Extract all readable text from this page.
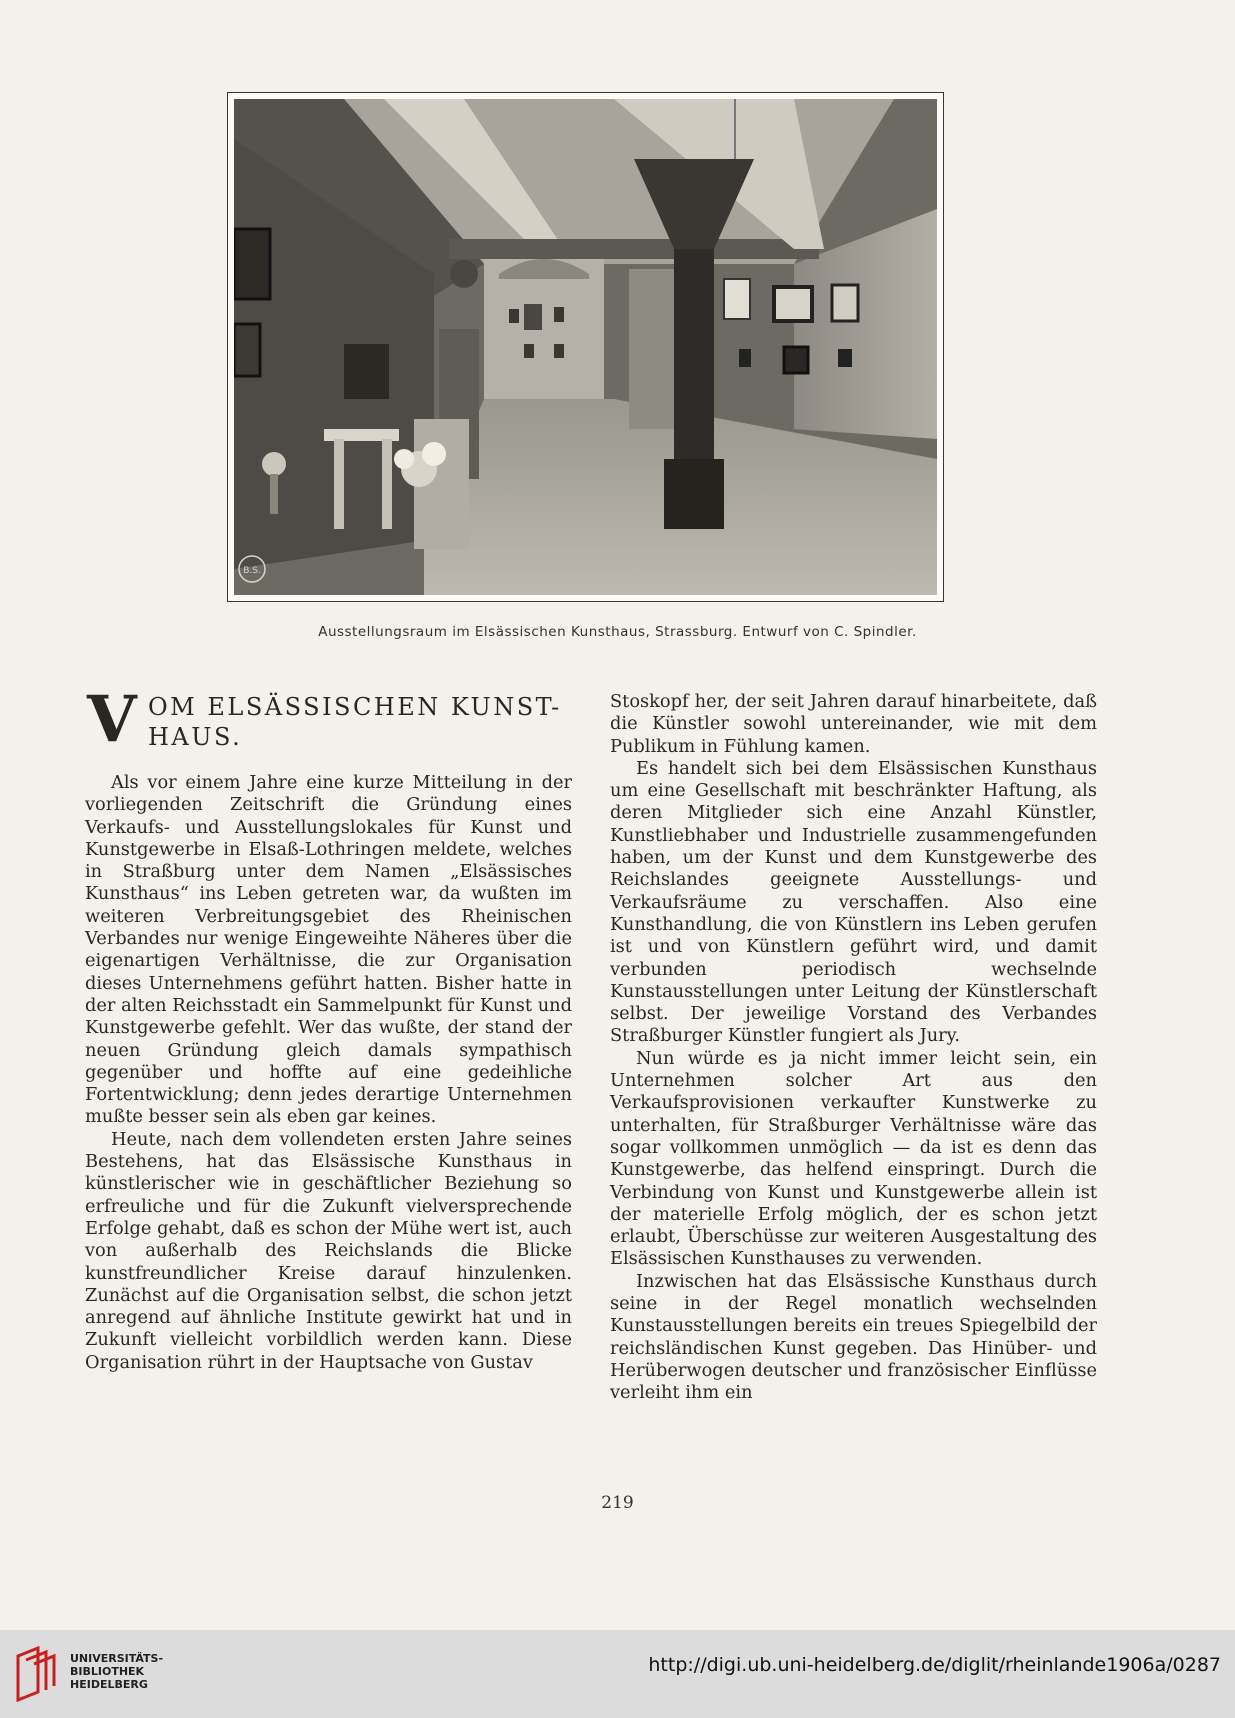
B.S.
Ausstellungsraum im Elsässischen Kunsthaus, Strassburg. Entwurf von C. Spindler.
V OM ELSÄSSISCHEN KUNST-
HAUS.

Als vor einem Jahre eine kurze Mitteilung in der vorliegenden Zeitschrift die Gründung eines Verkaufs- und Ausstellungslokales für Kunst und Kunstgewerbe in Elsaß-Lothringen meldete, welches in Straßburg unter dem Namen „Elsässisches Kunsthaus“ ins Leben getreten war, da wußten im weiteren Verbreitungsgebiet des Rheinischen Verbandes nur wenige Eingeweihte Näheres über die eigenartigen Verhältnisse, die zur Organisation dieses Unternehmens geführt hatten. Bisher hatte in der alten Reichsstadt ein Sammelpunkt für Kunst und Kunstgewerbe gefehlt. Wer das wußte, der stand der neuen Gründung gleich damals sympathisch gegenüber und hoffte auf eine gedeihliche Fortentwicklung; denn jedes derartige Unternehmen mußte besser sein als eben gar keines.

Heute, nach dem vollendeten ersten Jahre seines Bestehens, hat das Elsässische Kunsthaus in künstlerischer wie in geschäftlicher Beziehung so erfreuliche und für die Zukunft vielversprechende Erfolge gehabt, daß es schon der Mühe wert ist, auch von außerhalb des Reichslands die Blicke kunstfreundlicher Kreise darauf hinzulenken. Zunächst auf die Organisation selbst, die schon jetzt anregend auf ähnliche Institute gewirkt hat und in Zukunft vielleicht vorbildlich werden kann. Diese Organisation rührt in der Hauptsache von Gustav

Stoskopf her, der seit Jahren darauf hinarbeitete, daß die Künstler sowohl untereinander, wie mit dem Publikum in Fühlung kamen.

Es handelt sich bei dem Elsässischen Kunsthaus um eine Gesellschaft mit beschränkter Haftung, als deren Mitglieder sich eine Anzahl Künstler, Kunstliebhaber und Industrielle zusammengefunden haben, um der Kunst und dem Kunstgewerbe des Reichslandes geeignete Ausstellungs- und Verkaufsräume zu verschaffen. Also eine Kunsthandlung, die von Künstlern ins Leben gerufen ist und von Künstlern geführt wird, und damit verbunden periodisch wechselnde Kunstausstellungen unter Leitung der Künstlerschaft selbst. Der jeweilige Vorstand des Verbandes Straßburger Künstler fungiert als Jury.

Nun würde es ja nicht immer leicht sein, ein Unternehmen solcher Art aus den Verkaufsprovisionen verkaufter Kunstwerke zu unterhalten, für Straßburger Verhältnisse wäre das sogar vollkommen unmöglich — da ist es denn das Kunstgewerbe, das helfend einspringt. Durch die Verbindung von Kunst und Kunstgewerbe allein ist der materielle Erfolg möglich, der es schon jetzt erlaubt, Überschüsse zur weiteren Ausgestaltung des Elsässischen Kunsthauses zu verwenden.

Inzwischen hat das Elsässische Kunsthaus durch seine in der Regel monatlich wechselnden Kunstausstellungen bereits ein treues Spiegelbild der reichsländischen Kunst gegeben. Das Hinüber- und Herüberwogen deutscher und französischer Einflüsse verleiht ihm ein

219
UNIVERSITÄTS-
BIBLIOTHEK
HEIDELBERG
http://digi.ub.uni-heidelberg.de/diglit/rheinlande1906a/0287
